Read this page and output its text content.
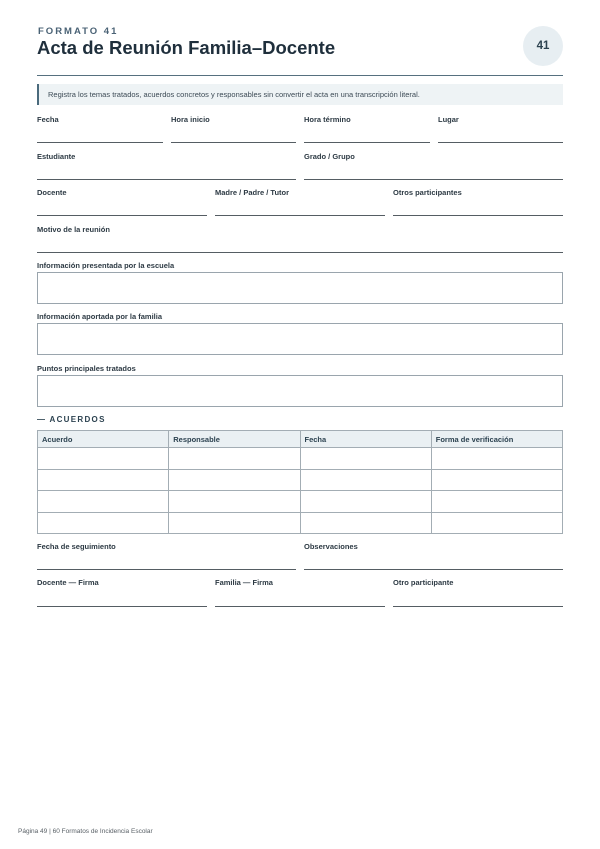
FORMATO 41
Acta de Reunión Familia–Docente	41
Registra los temas tratados, acuerdos concretos y responsables sin convertir el acta en una transcripción literal.
Fecha	Hora inicio	Hora término	Lugar
Estudiante	Grado / Grupo
Docente	Madre / Padre / Tutor	Otros participantes
Motivo de la reunión
Información presentada por la escuela
Información aportada por la familia
Puntos principales tratados
— ACUERDOS
Acuerdo	Responsable	Fecha	Forma de verificación

Fecha de seguimiento	Observaciones
Docente — Firma	Familia — Firma	Otro participante
Página 49 | 60 Formatos de Incidencia Escolar
